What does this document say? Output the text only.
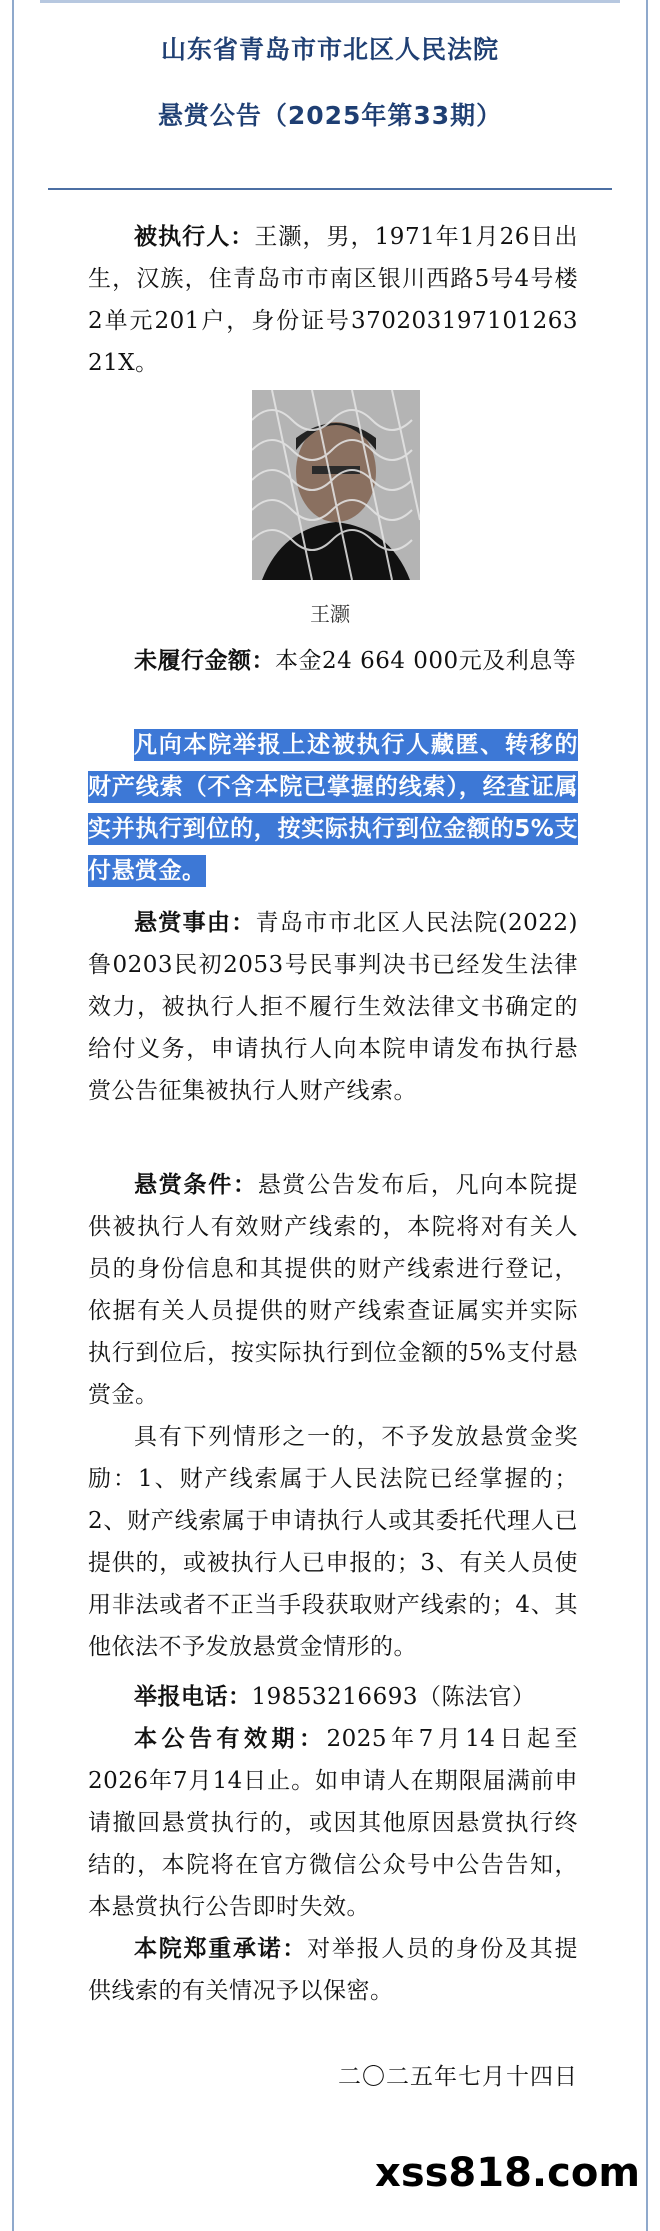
山东省青岛市市北区人民法院
悬赏公告（2025年第33期）
被执行人：王灏，男，1971年1月26日出生，汉族，住青岛市市南区银川西路5号4号楼2单元201户，身份证号370203197101263 21X。
王灏
未履行金额：本金24 664 000元及利息等
凡向本院举报上述被执行人藏匿、转移的财产线索（不含本院已掌握的线索），经查证属实并执行到位的，按实际执行到位金额的5%支付悬赏金。
悬赏事由：青岛市市北区人民法院(2022)鲁0203民初2053号民事判决书已经发生法律效力，被执行人拒不履行生效法律文书确定的给付义务，申请执行人向本院申请发布执行悬赏公告征集被执行人财产线索。
悬赏条件：悬赏公告发布后，凡向本院提供被执行人有效财产线索的，本院将对有关人员的身份信息和其提供的财产线索进行登记，依据有关人员提供的财产线索查证属实并实际执行到位后，按实际执行到位金额的5%支付悬赏金。
具有下列情形之一的，不予发放悬赏金奖励：1、财产线索属于人民法院已经掌握的；2、财产线索属于申请执行人或其委托代理人已提供的，或被执行人已申报的；3、有关人员使用非法或者不正当手段获取财产线索的；4、其他依法不予发放悬赏金情形的。
举报电话：19853216693（陈法官）
本公告有效期：2025年7月14日起至2026年7月14日止。如申请人在期限届满前申请撤回悬赏执行的，或因其他原因悬赏执行终结的，本院将在官方微信公众号中公告告知，本悬赏执行公告即时失效。
本院郑重承诺：对举报人员的身份及其提供线索的有关情况予以保密。
二〇二五年七月十四日
xss818.com
